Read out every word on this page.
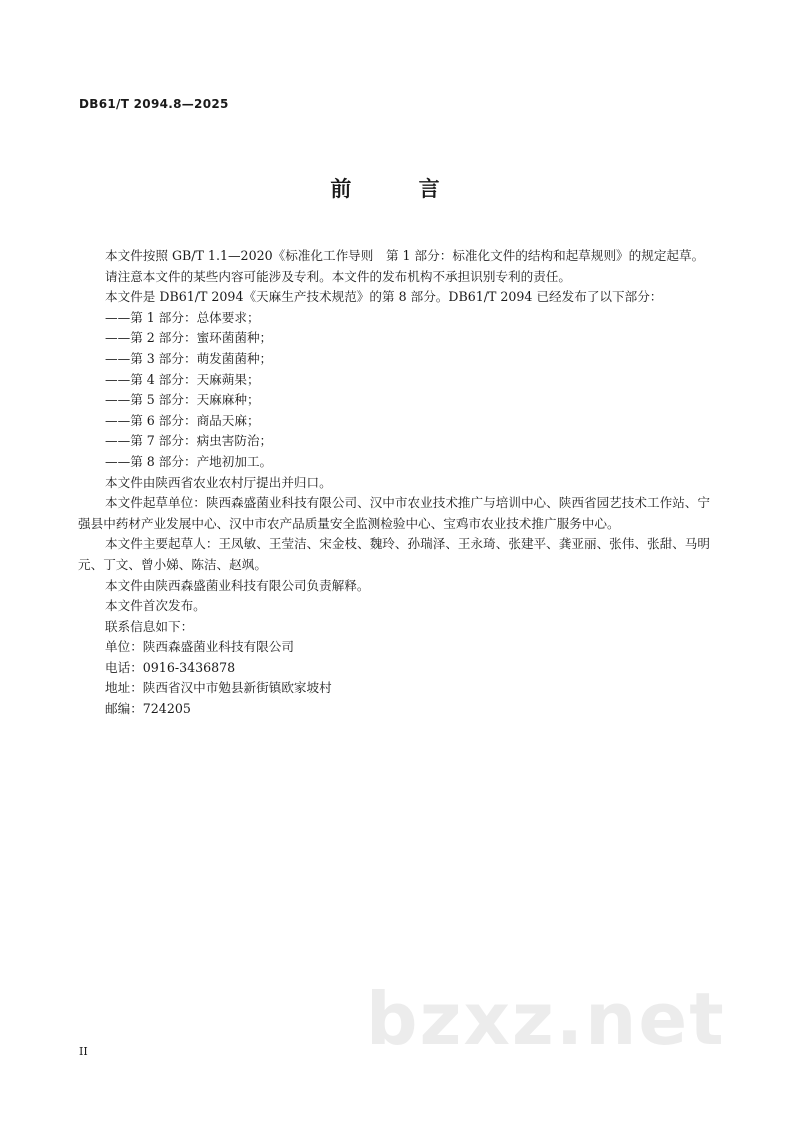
DB61/T 2094.8—2025
前 言

本文件按照 GB/T 1.1—2020《标准化工作导则　第 1 部分：标准化文件的结构和起草规则》的规定起草。

请注意本文件的某些内容可能涉及专利。本文件的发布机构不承担识别专利的责任。

本文件是 DB61/T 2094《天麻生产技术规范》的第 8 部分。DB61/T 2094 已经发布了以下部分：

——第 1 部分：总体要求；

——第 2 部分：蜜环菌菌种；

——第 3 部分：萌发菌菌种；

——第 4 部分：天麻蒴果；

——第 5 部分：天麻麻种；

——第 6 部分：商品天麻；

——第 7 部分：病虫害防治；

——第 8 部分：产地初加工。

本文件由陕西省农业农村厅提出并归口。

本文件起草单位：陕西森盛菌业科技有限公司、汉中市农业技术推广与培训中心、陕西省园艺技术工作站、宁强县中药材产业发展中心、汉中市农产品质量安全监测检验中心、宝鸡市农业技术推广服务中心。

本文件主要起草人：王凤敏、王莹洁、宋金枝、魏玲、孙瑞泽、王永琦、张建平、龚亚丽、张伟、张甜、马明元、丁文、曾小娣、陈洁、赵飒。

本文件由陕西森盛菌业科技有限公司负责解释。

本文件首次发布。

联系信息如下：

单位：陕西森盛菌业科技有限公司

电话：0916-3436878

地址：陕西省汉中市勉县新街镇欧家坡村

邮编：724205

bzxz.net
II
